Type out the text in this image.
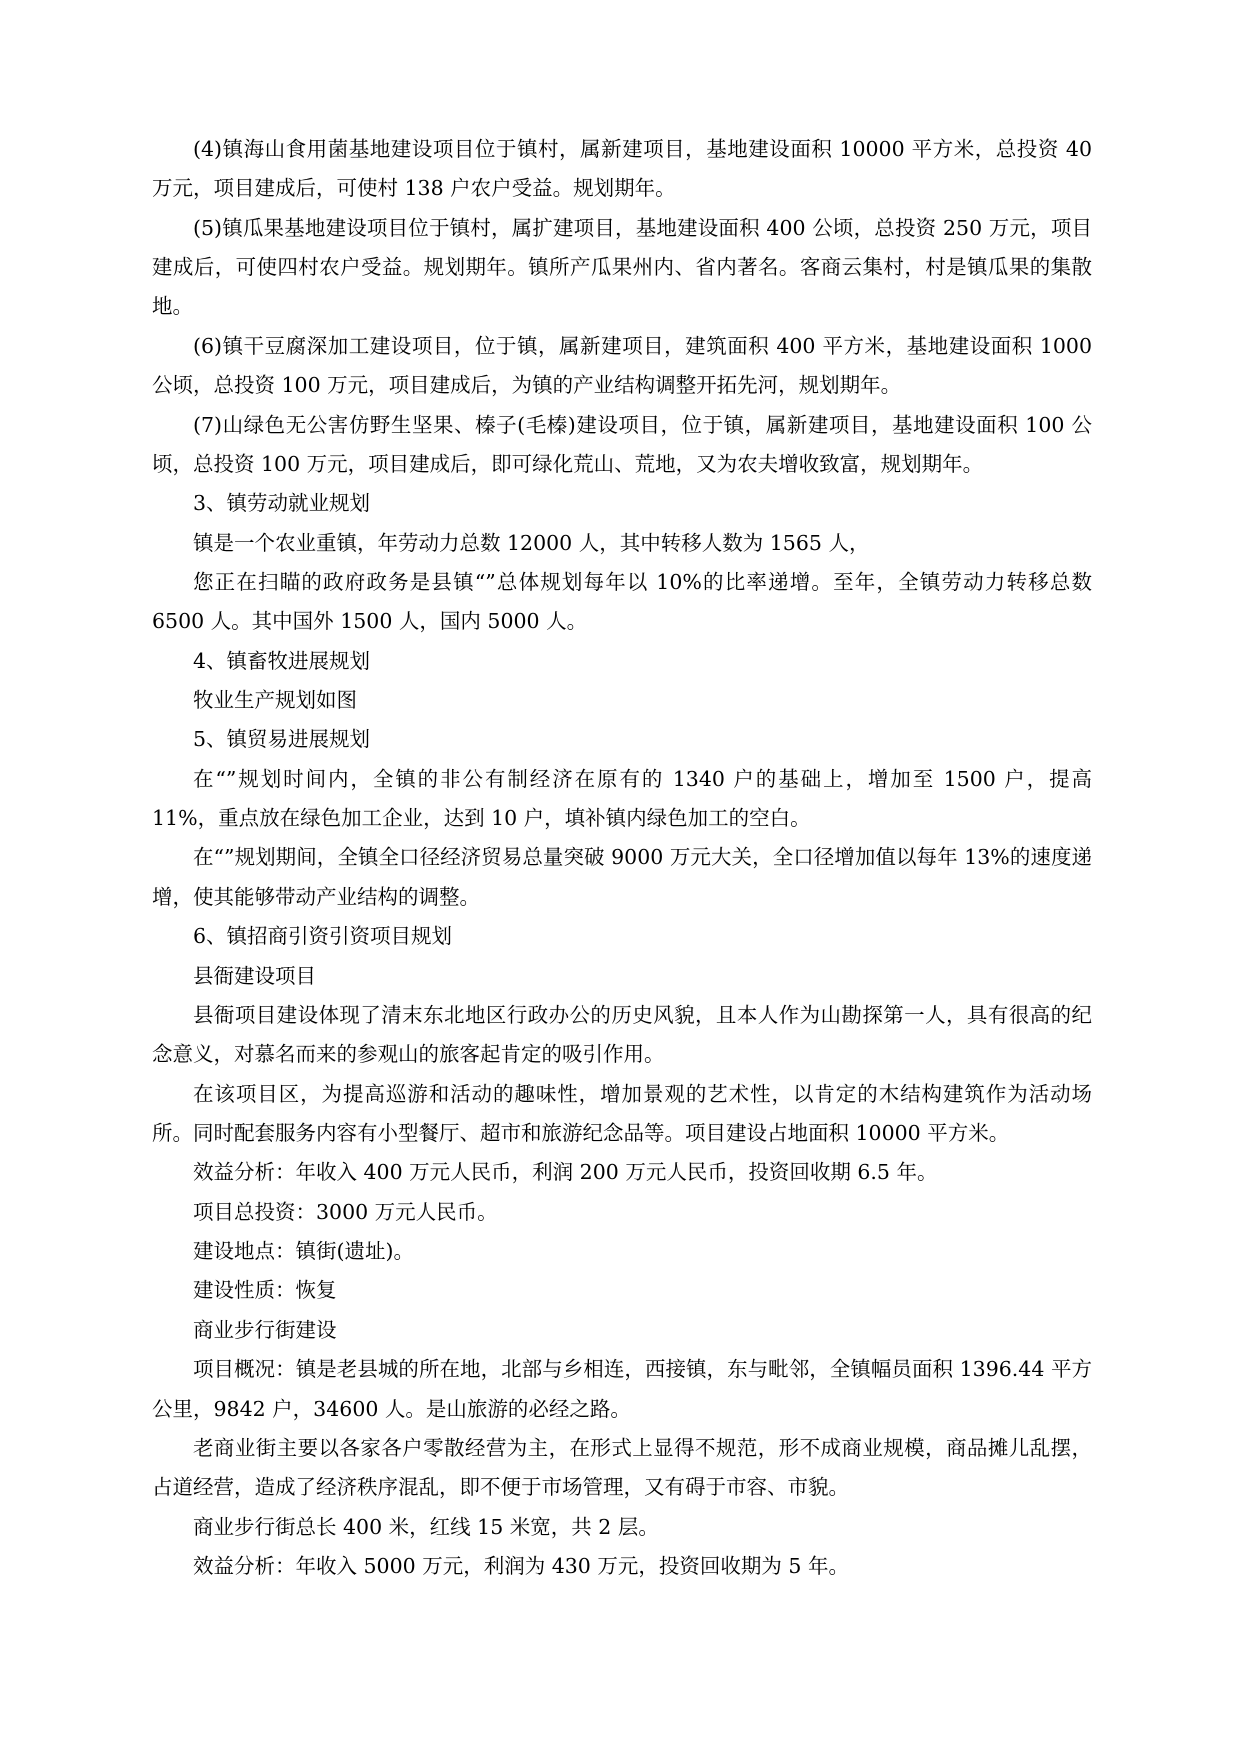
(4)镇海山食用菌基地建设项目位于镇村，属新建项目，基地建设面积 10000 平方米，总投资 40 万元，项目建成后，可使村 138 户农户受益。规划期年。

(5)镇瓜果基地建设项目位于镇村，属扩建项目，基地建设面积 400 公顷，总投资 250 万元，项目建成后，可使四村农户受益。规划期年。镇所产瓜果州内、省内著名。客商云集村，村是镇瓜果的集散地。

(6)镇干豆腐深加工建设项目，位于镇，属新建项目，建筑面积 400 平方米，基地建设面积 1000 公顷，总投资 100 万元，项目建成后，为镇的产业结构调整开拓先河，规划期年。

(7)山绿色无公害仿野生坚果、榛子(毛榛)建设项目，位于镇，属新建项目，基地建设面积 100 公顷，总投资 100 万元，项目建成后，即可绿化荒山、荒地，又为农夫增收致富，规划期年。

3、镇劳动就业规划

镇是一个农业重镇，年劳动力总数 12000 人，其中转移人数为 1565 人，

您正在扫瞄的政府政务是县镇“”总体规划每年以 10%的比率递增。至年，全镇劳动力转移总数 6500 人。其中国外 1500 人，国内 5000 人。

4、镇畜牧进展规划

牧业生产规划如图

5、镇贸易进展规划

在“”规划时间内，全镇的非公有制经济在原有的 1340 户的基础上，增加至 1500 户，提高 11%，重点放在绿色加工企业，达到 10 户，填补镇内绿色加工的空白。

在“”规划期间，全镇全口径经济贸易总量突破 9000 万元大关，全口径增加值以每年 13%的速度递增，使其能够带动产业结构的调整。

6、镇招商引资引资项目规划

县衙建设项目

县衙项目建设体现了清末东北地区行政办公的历史风貌，且本人作为山勘探第一人，具有很高的纪念意义，对慕名而来的参观山的旅客起肯定的吸引作用。

在该项目区，为提高巡游和活动的趣味性，增加景观的艺术性，以肯定的木结构建筑作为活动场所。同时配套服务内容有小型餐厅、超市和旅游纪念品等。项目建设占地面积 10000 平方米。

效益分析：年收入 400 万元人民币，利润 200 万元人民币，投资回收期 6.5 年。

项目总投资：3000 万元人民币。

建设地点：镇街(遗址)。

建设性质：恢复

商业步行街建设

项目概况：镇是老县城的所在地，北部与乡相连，西接镇，东与毗邻，全镇幅员面积 1396.44 平方公里，9842 户，34600 人。是山旅游的必经之路。

老商业街主要以各家各户零散经营为主，在形式上显得不规范，形不成商业规模，商品摊儿乱摆，占道经营，造成了经济秩序混乱，即不便于市场管理，又有碍于市容、市貌。

商业步行街总长 400 米，红线 15 米宽，共 2 层。

效益分析：年收入 5000 万元，利润为 430 万元，投资回收期为 5 年。
